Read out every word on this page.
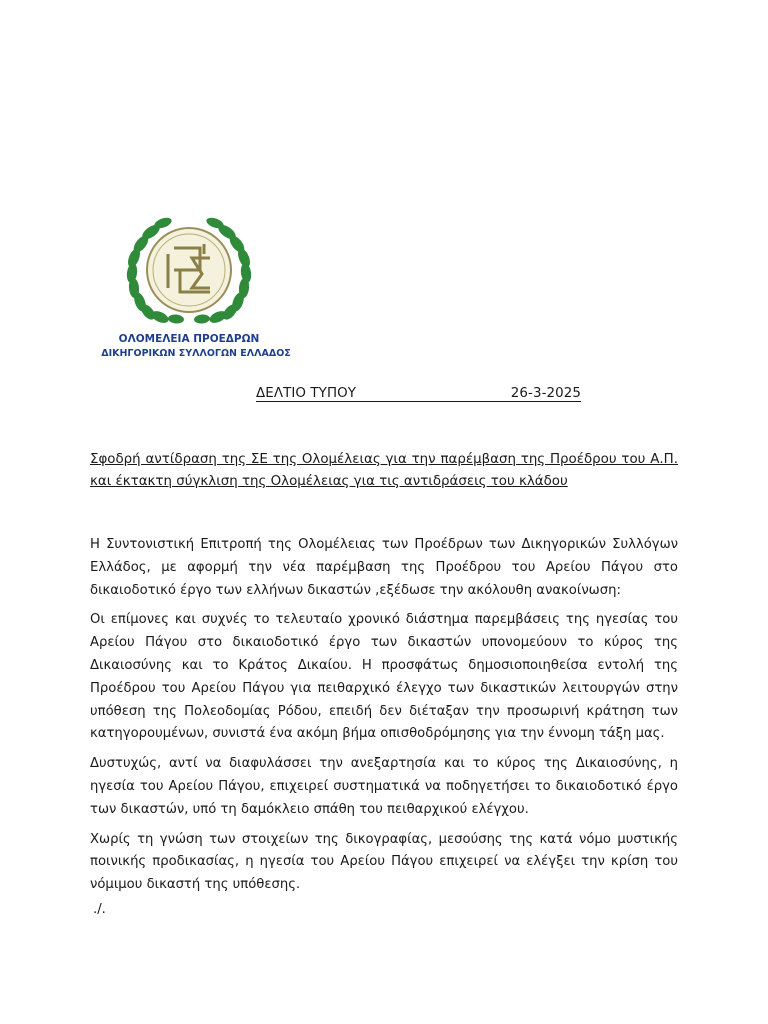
ΟΛΟΜΕΛΕΙΑ ΠΡΟΕΔΡΩΝ
ΔΙΚΗΓΟΡΙΚΩΝ ΣΥΛΛΟΓΩΝ ΕΛΛΑΔΟΣ
ΔΕΛΤΙΟ ΤΥΠΟΥ	26-3-2025
Σφοδρή αντίδραση της ΣΕ της Ολομέλειας για την παρέμβαση της Προέδρου του Α.Π. και έκτακτη σύγκλιση της Ολομέλειας για τις αντιδράσεις του κλάδου

Η Συντονιστική Επιτροπή της Ολομέλειας των Προέδρων των Δικηγορικών Συλλόγων Ελλάδος, με αφορμή την νέα παρέμβαση της Προέδρου του Αρείου Πάγου στο δικαιοδοτικό έργο των ελλήνων δικαστών ,εξέδωσε την ακόλουθη ανακοίνωση:

Οι επίμονες και συχνές το τελευταίο χρονικό διάστημα παρεμβάσεις της ηγεσίας του Αρείου Πάγου στο δικαιοδοτικό έργο των δικαστών υπονομεύουν το κύρος της Δικαιοσύνης και το Κράτος Δικαίου. Η προσφάτως δημοσιοποιηθείσα εντολή της Προέδρου του Αρείου Πάγου για πειθαρχικό έλεγχο των δικαστικών λειτουργών στην υπόθεση της Πολεοδομίας Ρόδου, επειδή δεν διέταξαν την προσωρινή κράτηση των κατηγορουμένων, συνιστά ένα ακόμη βήμα οπισθοδρόμησης για την έννομη τάξη μας.

Δυστυχώς, αντί να διαφυλάσσει την ανεξαρτησία και το κύρος της Δικαιοσύνης, η ηγεσία του Αρείου Πάγου, επιχειρεί συστηματικά να ποδηγετήσει το δικαιοδοτικό έργο των δικαστών, υπό τη δαμόκλειο σπάθη του πειθαρχικού ελέγχου.

Χωρίς τη γνώση των στοιχείων της δικογραφίας, μεσούσης της κατά νόμο μυστικής ποινικής προδικασίας, η ηγεσία του Αρείου Πάγου επιχειρεί να ελέγξει την κρίση του νόμιμου δικαστή της υπόθεσης.

./.
